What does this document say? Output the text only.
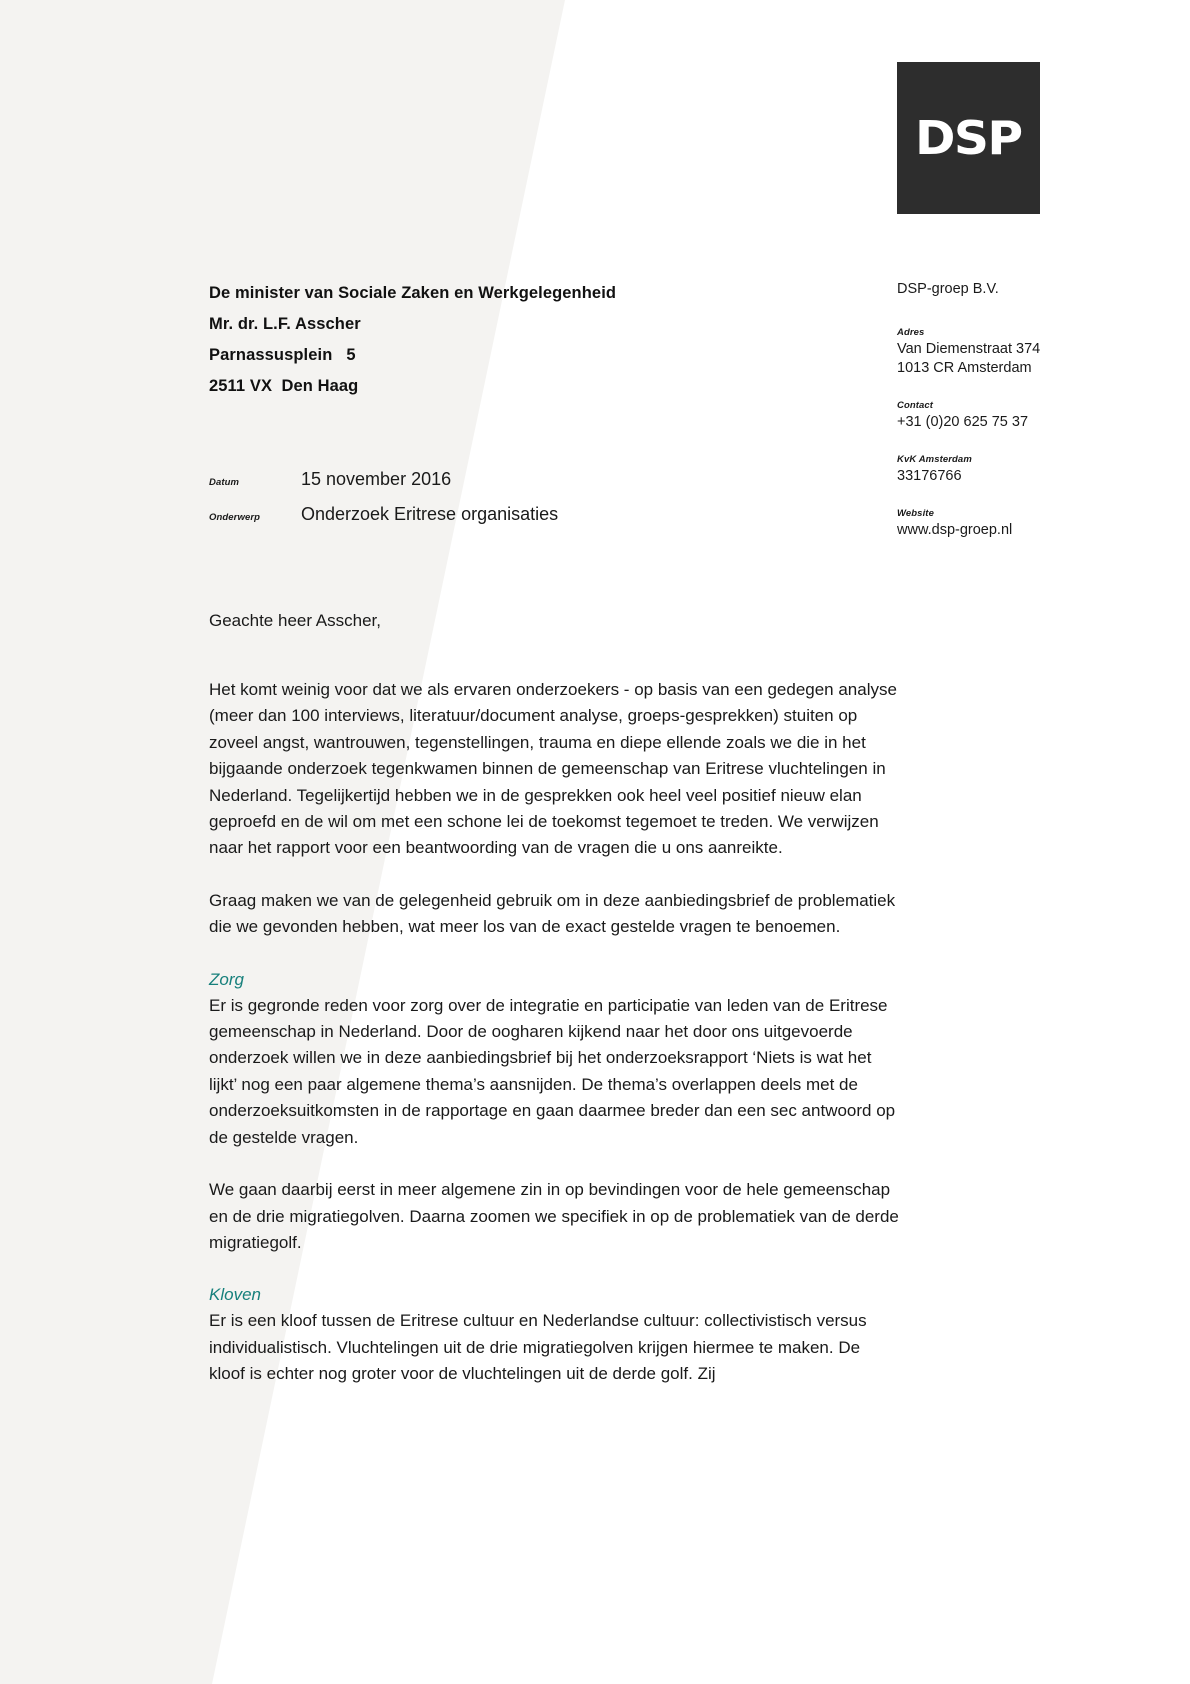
DSP
De minister van Sociale Zaken en Werkgelegenheid
Mr. dr. L.F. Asscher
Parnassusplein   5
2511 VX  Den Haag
DSP-groep B.V.
Adres
Van Diemenstraat 374
1013 CR Amsterdam
Contact
+31 (0)20 625 75 37
KvK Amsterdam
33176766
Website
www.dsp-groep.nl
Datum	15 november 2016
Onderwerp	Onderzoek Eritrese organisaties

Geachte heer Asscher,

Het komt weinig voor dat we als ervaren onderzoekers - op basis van een gedegen analyse (meer dan 100 interviews, literatuur/document analyse, groeps-gesprekken) stuiten op zoveel angst, wantrouwen, tegenstellingen, trauma en diepe ellende zoals we die in het bijgaande onderzoek tegenkwamen binnen de gemeenschap van Eritrese vluchtelingen in Nederland. Tegelijkertijd hebben we in de gesprekken ook heel veel positief nieuw elan geproefd en de wil om met een schone lei de toekomst tegemoet te treden. We verwijzen naar het rapport voor een beantwoording van de vragen die u ons aanreikte.

Graag maken we van de gelegenheid gebruik om in deze aanbiedingsbrief de problematiek die we gevonden hebben, wat meer los van de exact gestelde vragen te benoemen.

Zorg

Er is gegronde reden voor zorg over de integratie en participatie van leden van de Eritrese gemeenschap in Nederland. Door de oogharen kijkend naar het door ons uitgevoerde onderzoek willen we in deze aanbiedingsbrief bij het onderzoeksrapport ‘Niets is wat het lijkt’ nog een paar algemene thema’s aansnijden. De thema’s overlappen deels met de onderzoeksuitkomsten in de rapportage en gaan daarmee breder dan een sec antwoord op de gestelde vragen.

We gaan daarbij eerst in meer algemene zin in op bevindingen voor de hele gemeenschap en de drie migratiegolven. Daarna zoomen we specifiek in op de problematiek van de derde migratiegolf.

Kloven

Er is een kloof tussen de Eritrese cultuur en Nederlandse cultuur: collectivistisch versus individualistisch. Vluchtelingen uit de drie migratiegolven krijgen hiermee te maken. De kloof is echter nog groter voor de vluchtelingen uit de derde golf. Zij
